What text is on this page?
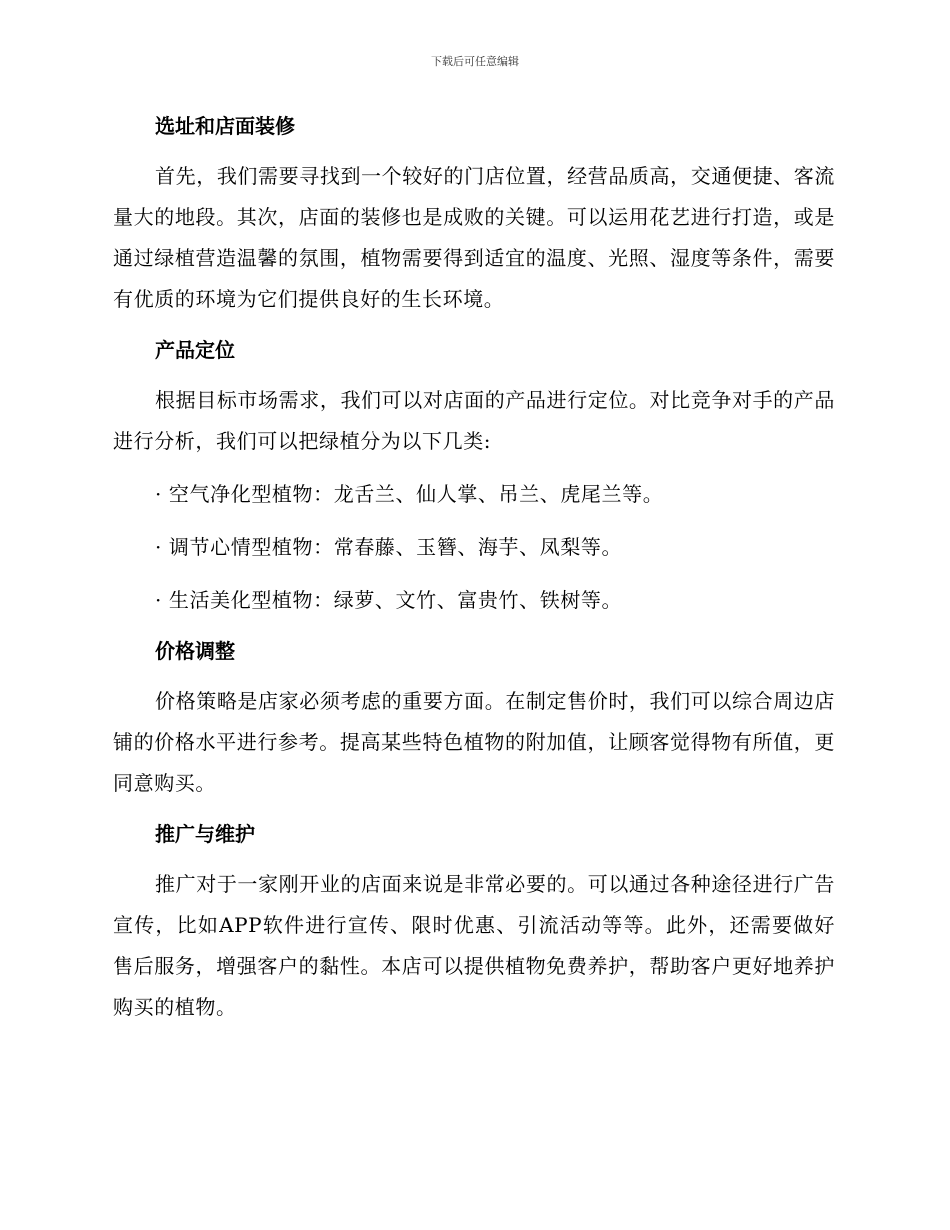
下载后可任意编辑
选址和店面装修
首先，我们需要寻找到一个较好的门店位置，经营品质高，交通便捷、客流量大的地段。其次，店面的装修也是成败的关键。可以运用花艺进行打造，或是通过绿植营造温馨的氛围，植物需要得到适宜的温度、光照、湿度等条件，需要有优质的环境为它们提供良好的生长环境。
产品定位
根据目标市场需求，我们可以对店面的产品进行定位。对比竞争对手的产品进行分析，我们可以把绿植分为以下几类:
· 空气净化型植物：龙舌兰、仙人掌、吊兰、虎尾兰等。
· 调节心情型植物：常春藤、玉簪、海芋、凤梨等。
· 生活美化型植物：绿萝、文竹、富贵竹、铁树等。
价格调整
价格策略是店家必须考虑的重要方面。在制定售价时，我们可以综合周边店铺的价格水平进行参考。提高某些特色植物的附加值，让顾客觉得物有所值，更同意购买。
推广与维护
推广对于一家刚开业的店面来说是非常必要的。可以通过各种途径进行广告宣传，比如APP软件进行宣传、限时优惠、引流活动等等。此外，还需要做好售后服务，增强客户的黏性。本店可以提供植物免费养护，帮助客户更好地养护购买的植物。
